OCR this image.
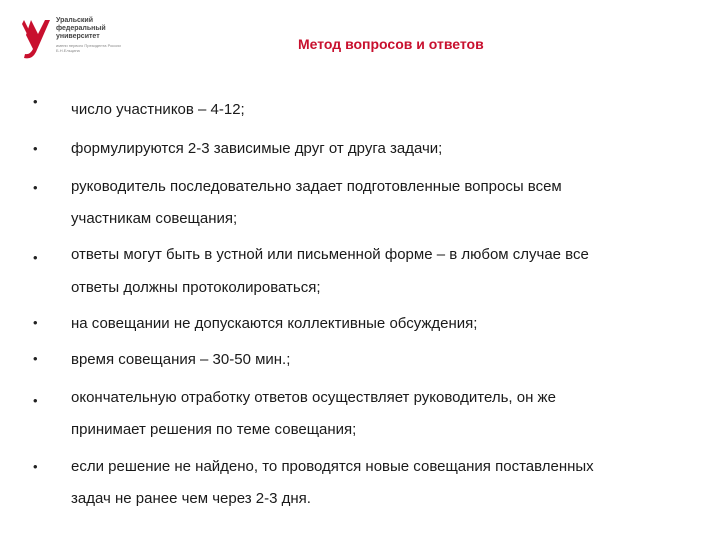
Уральский федеральный университет
имени первого Президента России Б.Н.Ельцина	Метод вопросов и ответов
• число участников – 4-12;
• формулируются 2-3 зависимые друг от друга задачи;
• руководитель последовательно задает подготовленные вопросы всем
участникам совещания;
• ответы могут быть в устной или письменной форме – в любом случае все
ответы должны протоколироваться;
• на совещании не допускаются коллективные обсуждения;
• время совещания – 30-50 мин.;
• окончательную отработку ответов осуществляет руководитель, он же
принимает решения по теме совещания;
• если решение не найдено, то проводятся новые совещания поставленных
задач не ранее чем через 2-3 дня.
